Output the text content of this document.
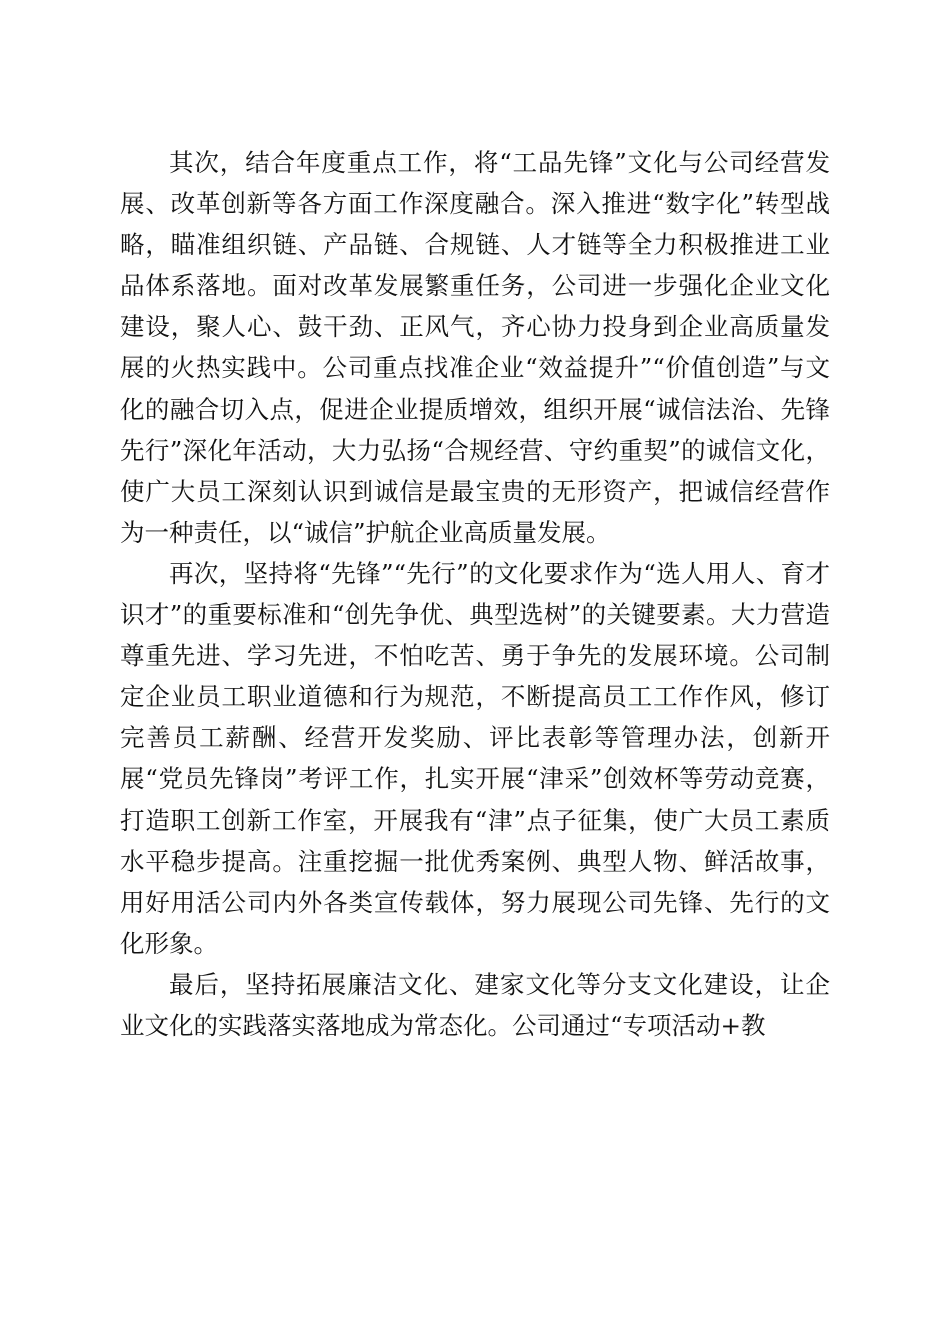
其次，结合年度重点工作，将“工品先锋”文化与公司经营发展、改革创新等各方面工作深度融合。深入推进“数字化”转型战略，瞄准组织链、产品链、合规链、人才链等全力积极推进工业品体系落地。面对改革发展繁重任务，公司进一步强化企业文化建设，聚人心、鼓干劲、正风气，齐心协力投身到企业高质量发展的火热实践中。公司重点找准企业“效益提升”“价值创造”与文化的融合切入点，促进企业提质增效，组织开展“诚信法治、先锋先行”深化年活动，大力弘扬“合规经营、守约重契”的诚信文化，使广大员工深刻认识到诚信是最宝贵的无形资产，把诚信经营作为一种责任，以“诚信”护航企业高质量发展。

再次，坚持将“先锋”“先行”的文化要求作为“选人用人、育才识才”的重要标准和“创先争优、典型选树”的关键要素。大力营造尊重先进、学习先进，不怕吃苦、勇于争先的发展环境。公司制定企业员工职业道德和行为规范，不断提高员工工作作风，修订完善员工薪酬、经营开发奖励、评比表彰等管理办法，创新开展“党员先锋岗”考评工作，扎实开展“津采”创效杯等劳动竞赛，打造职工创新工作室，开展我有“津”点子征集，使广大员工素质水平稳步提高。注重挖掘一批优秀案例、典型人物、鲜活故事，用好用活公司内外各类宣传载体，努力展现公司先锋、先行的文化形象。

最后，坚持拓展廉洁文化、建家文化等分支文化建设，让企业文化的实践落实落地成为常态化。公司通过“专项活动+教
